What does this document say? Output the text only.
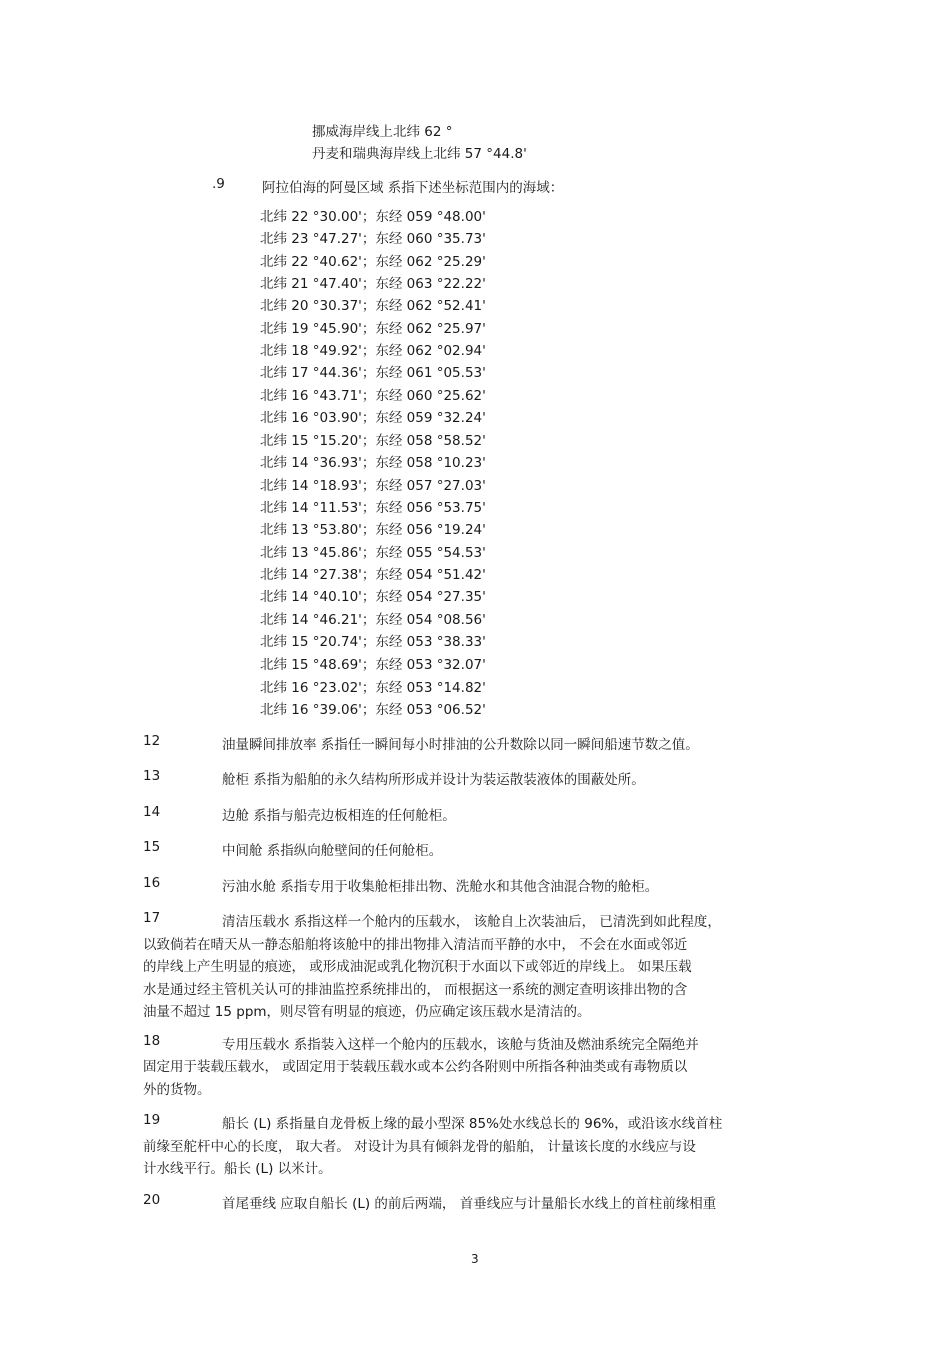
挪威海岸线上北纬 62 °
丹麦和瑞典海岸线上北纬 57 °44.8'
.9	阿拉伯海的阿曼区域 系指下述坐标范围内的海域：
北纬 22 °30.00'；东经 059 °48.00'
北纬 23 °47.27'；东经 060 °35.73'
北纬 22 °40.62'；东经 062 °25.29'
北纬 21 °47.40'；东经 063 °22.22'
北纬 20 °30.37'；东经 062 °52.41'
北纬 19 °45.90'；东经 062 °25.97'
北纬 18 °49.92'；东经 062 °02.94'
北纬 17 °44.36'；东经 061 °05.53'
北纬 16 °43.71'；东经 060 °25.62'
北纬 16 °03.90'；东经 059 °32.24'
北纬 15 °15.20'；东经 058 °58.52'
北纬 14 °36.93'；东经 058 °10.23'
北纬 14 °18.93'；东经 057 °27.03'
北纬 14 °11.53'；东经 056 °53.75'
北纬 13 °53.80'；东经 056 °19.24'
北纬 13 °45.86'；东经 055 °54.53'
北纬 14 °27.38'；东经 054 °51.42'
北纬 14 °40.10'；东经 054 °27.35'
北纬 14 °46.21'；东经 054 °08.56'
北纬 15 °20.74'；东经 053 °38.33'
北纬 15 °48.69'；东经 053 °32.07'
北纬 16 °23.02'；东经 053 °14.82'
北纬 16 °39.06'；东经 053 °06.52'
12	油量瞬间排放率 系指任一瞬间每小时排油的公升数除以同一瞬间船速节数之值。
13	舱柜 系指为船舶的永久结构所形成并设计为装运散装液体的围蔽处所。
14	边舱 系指与船壳边板相连的任何舱柜。
15	中间舱 系指纵向舱壁间的任何舱柜。
16	污油水舱 系指专用于收集舱柜排出物、洗舱水和其他含油混合物的舱柜。
17	清洁压载水 系指这样一个舱内的压载水， 该舱自上次装油后， 已清洗到如此程度，
以致倘若在晴天从一静态船舶将该舱中的排出物排入清洁而平静的水中， 不会在水面或邻近
的岸线上产生明显的痕迹， 或形成油泥或乳化物沉积于水面以下或邻近的岸线上。 如果压载
水是通过经主管机关认可的排油监控系统排出的， 而根据这一系统的测定查明该排出物的含
油量不超过 15 ppm，则尽管有明显的痕迹，仍应确定该压载水是清洁的。
18	专用压载水 系指装入这样一个舱内的压载水，该舱与货油及燃油系统完全隔绝并
固定用于装载压载水， 或固定用于装载压载水或本公约各附则中所指各种油类或有毒物质以
外的货物。
19	船长 (L) 系指量自龙骨板上缘的最小型深 85%处水线总长的 96%，或沿该水线首柱
前缘至舵杆中心的长度， 取大者。 对设计为具有倾斜龙骨的船舶， 计量该长度的水线应与设
计水线平行。船长 (L) 以米计。
20	首尾垂线 应取自船长 (L) 的前后两端， 首垂线应与计量船长水线上的首柱前缘相重
3
